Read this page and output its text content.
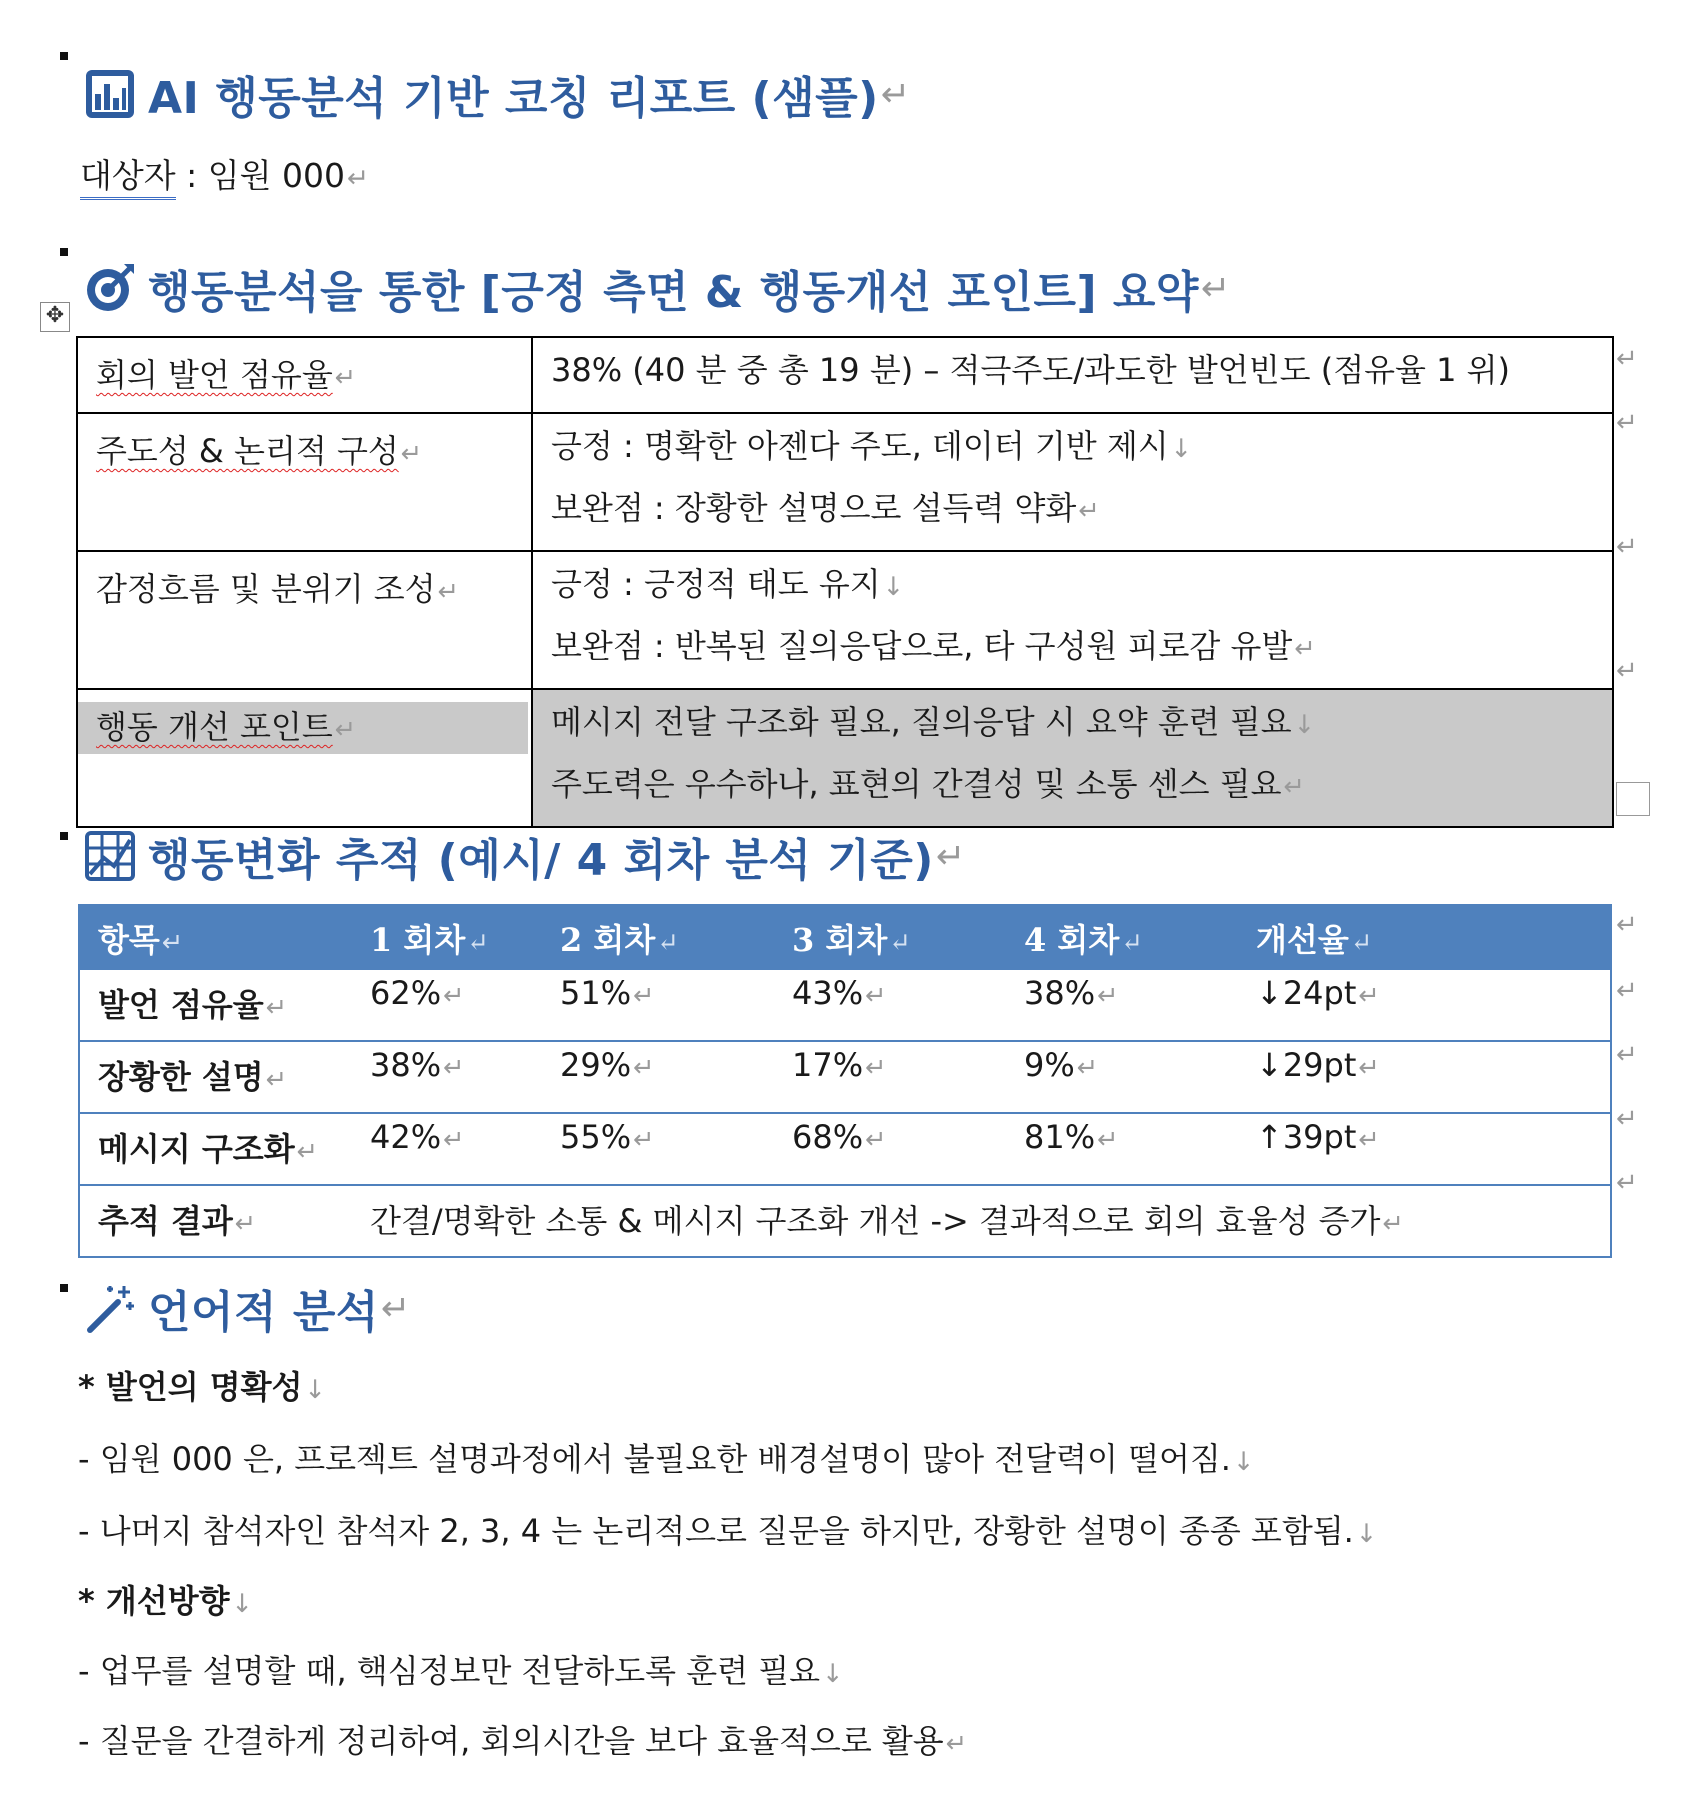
AI 행동분석 기반 코칭 리포트 (샘플) ↵
대상자 : 임원 000↵
행동분석을 통한 [긍정 측면 & 행동개선 포인트] 요약 ↵
✥
회의 발언 점유율↵	38% (40 분 중 총 19 분) – 적극주도/과도한 발언빈도 (점유율 1 위)

주도성 & 논리적 구성↵	긍정 : 명확한 아젠다 주도, 데이터 기반 제시↓
보완점 : 장황한 설명으로 설득력 약화↵

감정흐름 및 분위기 조성↵	긍정 : 긍정적 태도 유지↓
보완점 : 반복된 질의응답으로, 타 구성원 피로감 유발↵

행동 개선 포인트↵	메시지 전달 구조화 필요, 질의응답 시 요약 훈련 필요↓
주도력은 우수하나, 표현의 간결성 및 소통 센스 필요↵
↵
↵
↵
↵
행동변화 추적 (예시/ 4 회차 분석 기준) ↵
항목↵	1 회차↵	2 회차↵	3 회차↵	4 회차↵	개선율↵
발언 점유율↵	62%↵	51%↵	43%↵	38%↵	↓24pt↵
장황한 설명↵	38%↵	29%↵	17%↵	9%↵	↓29pt↵
메시지 구조화↵	42%↵	55%↵	68%↵	81%↵	↑39pt↵
추적 결과↵	간결/명확한 소통 & 메시지 구조화 개선 -> 결과적으로 회의 효율성 증가↵				
↵
↵
↵
↵
↵
언어적 분석 ↵
* 발언의 명확성↓
- 임원 000 은, 프로젝트 설명과정에서 불필요한 배경설명이 많아 전달력이 떨어짐.↓
- 나머지 참석자인 참석자 2, 3, 4 는 논리적으로 질문을 하지만, 장황한 설명이 종종 포함됨.↓
* 개선방향↓
- 업무를 설명할 때, 핵심정보만 전달하도록 훈련 필요↓
- 질문을 간결하게 정리하여, 회의시간을 보다 효율적으로 활용↵
